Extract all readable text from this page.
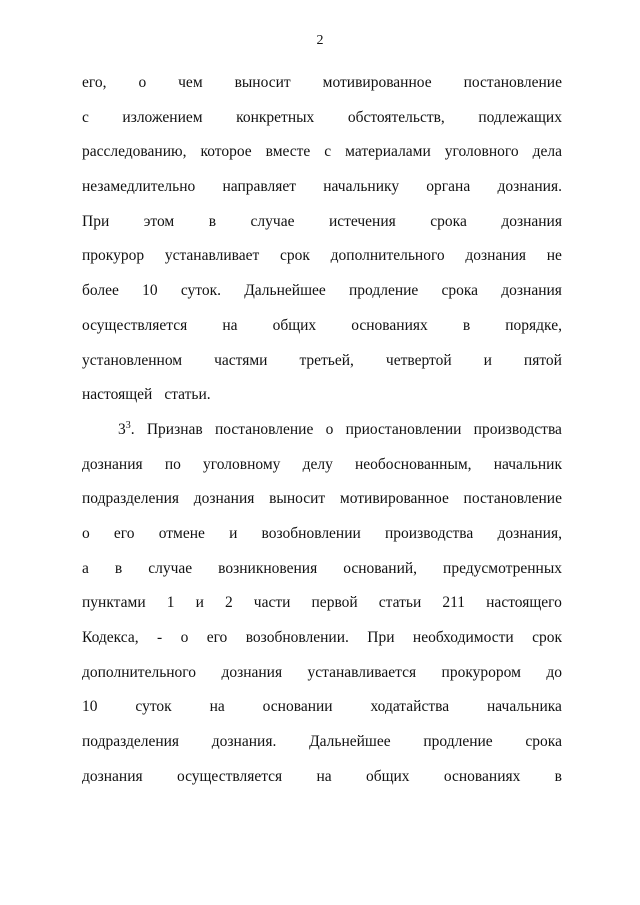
2
его, о чем выносит мотивированное постановление
с изложением конкретных обстоятельств, подлежащих
расследованию, которое вместе с материалами уголовного дела
незамедлительно направляет начальнику органа дознания.
При этом в случае истечения срока дознания
прокурор устанавливает срок дополнительного дознания не
более 10 суток. Дальнейшее продление срока дознания
осуществляется на общих основаниях в порядке,
установленном частями третьей, четвертой и пятой
настоящей статьи.
$3^3$. Признав постановление о приостановлении производства
дознания по уголовному делу необоснованным, начальник
подразделения дознания выносит мотивированное постановление
о его отмене и возобновлении производства дознания,
а в случае возникновения оснований, предусмотренных
пунктами 1 и 2 части первой статьи 211 настоящего
Кодекса, - о его возобновлении. При необходимости срок
дополнительного дознания устанавливается прокурором до
10 суток на основании ходатайства начальника
подразделения дознания. Дальнейшее продление срока
дознания осуществляется на общих основаниях в
